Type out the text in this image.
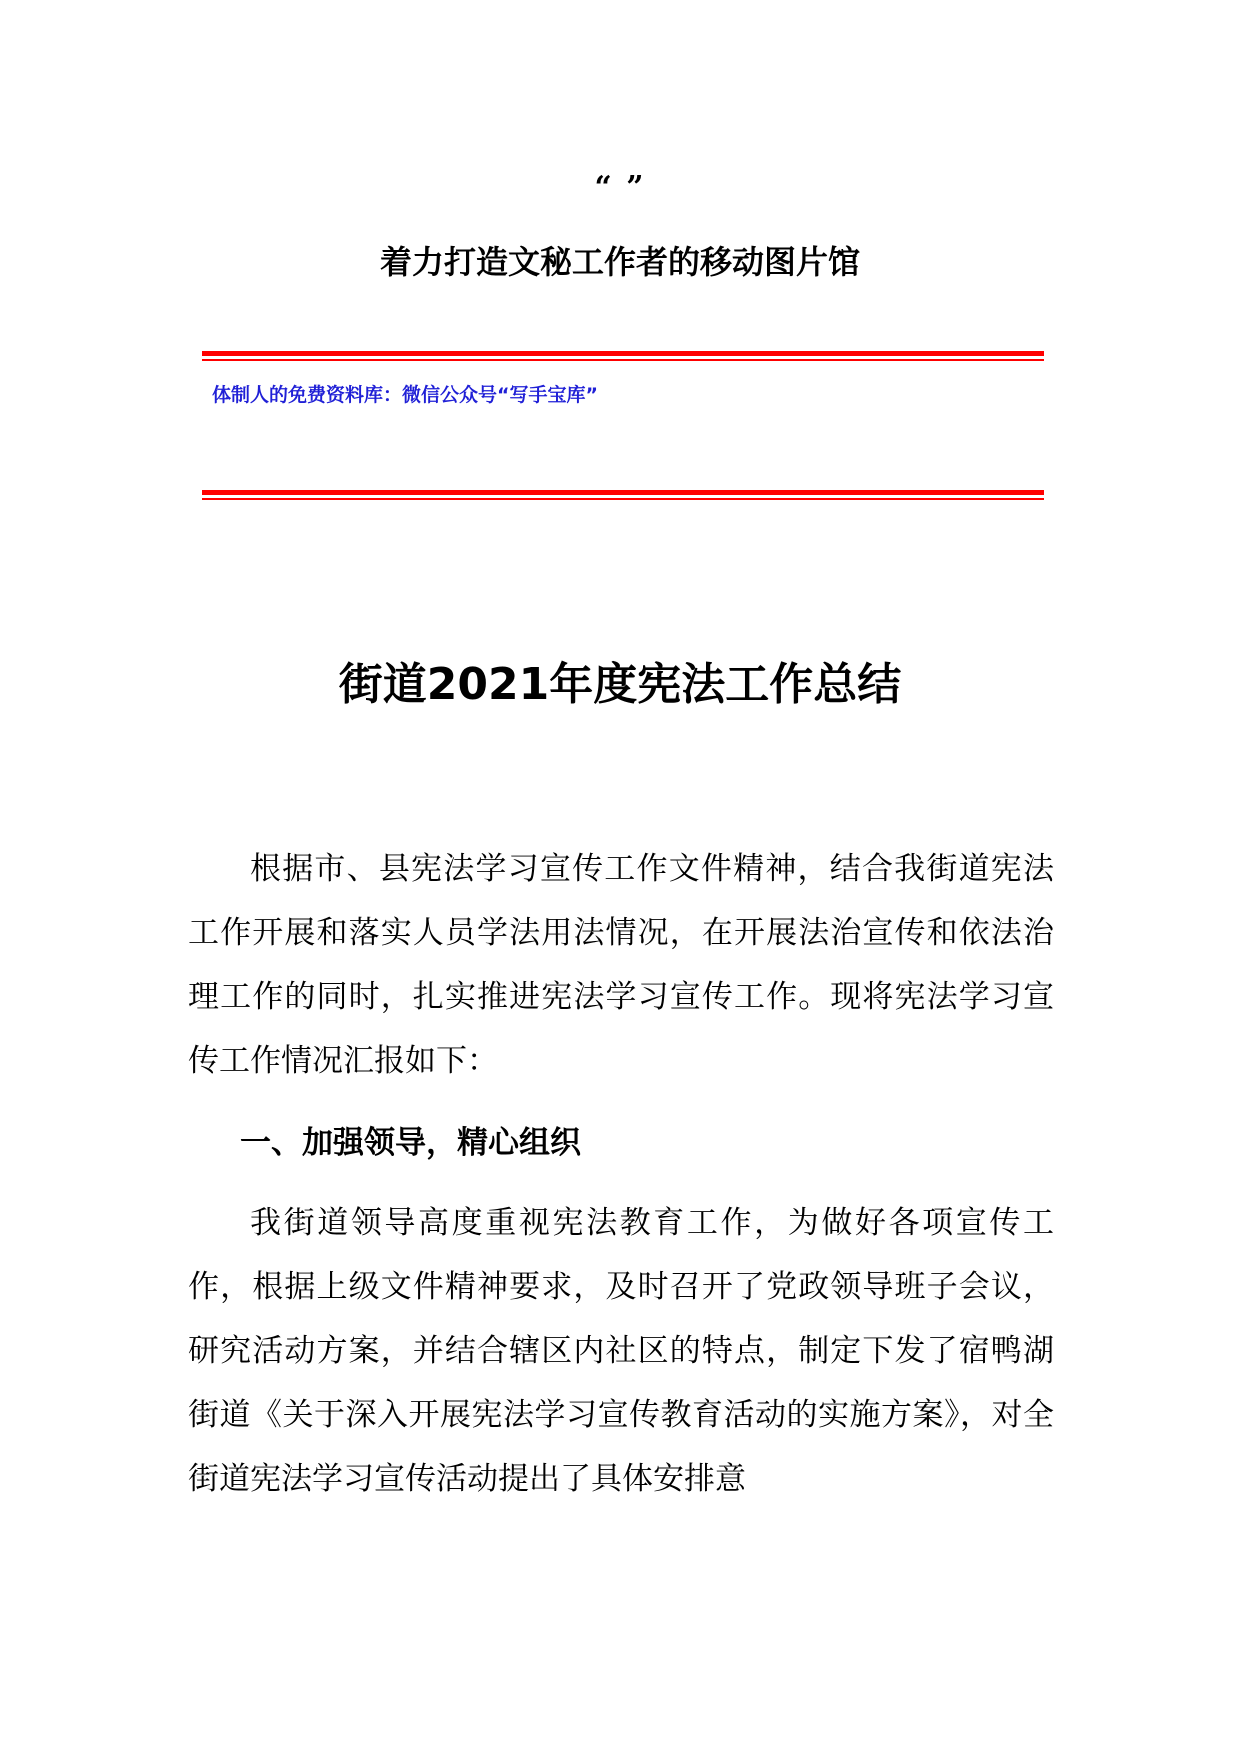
“ ”
着力打造文秘工作者的移动图片馆
体制人的免费资料库：微信公众号“写手宝库”
街道2021年度宪法工作总结

根据市、县宪法学习宣传工作文件精神，结合我街道宪法工作开展和落实人员学法用法情况，在开展法治宣传和依法治理工作的同时，扎实推进宪法学习宣传工作。现将宪法学习宣传工作情况汇报如下：

一、加强领导，精心组织

我街道领导高度重视宪法教育工作，为做好各项宣传工作，根据上级文件精神要求，及时召开了党政领导班子会议，研究活动方案，并结合辖区内社区的特点，制定下发了宿鸭湖街道《关于深入开展宪法学习宣传教育活动的实施方案》，对全街道宪法学习宣传活动提出了具体安排意
